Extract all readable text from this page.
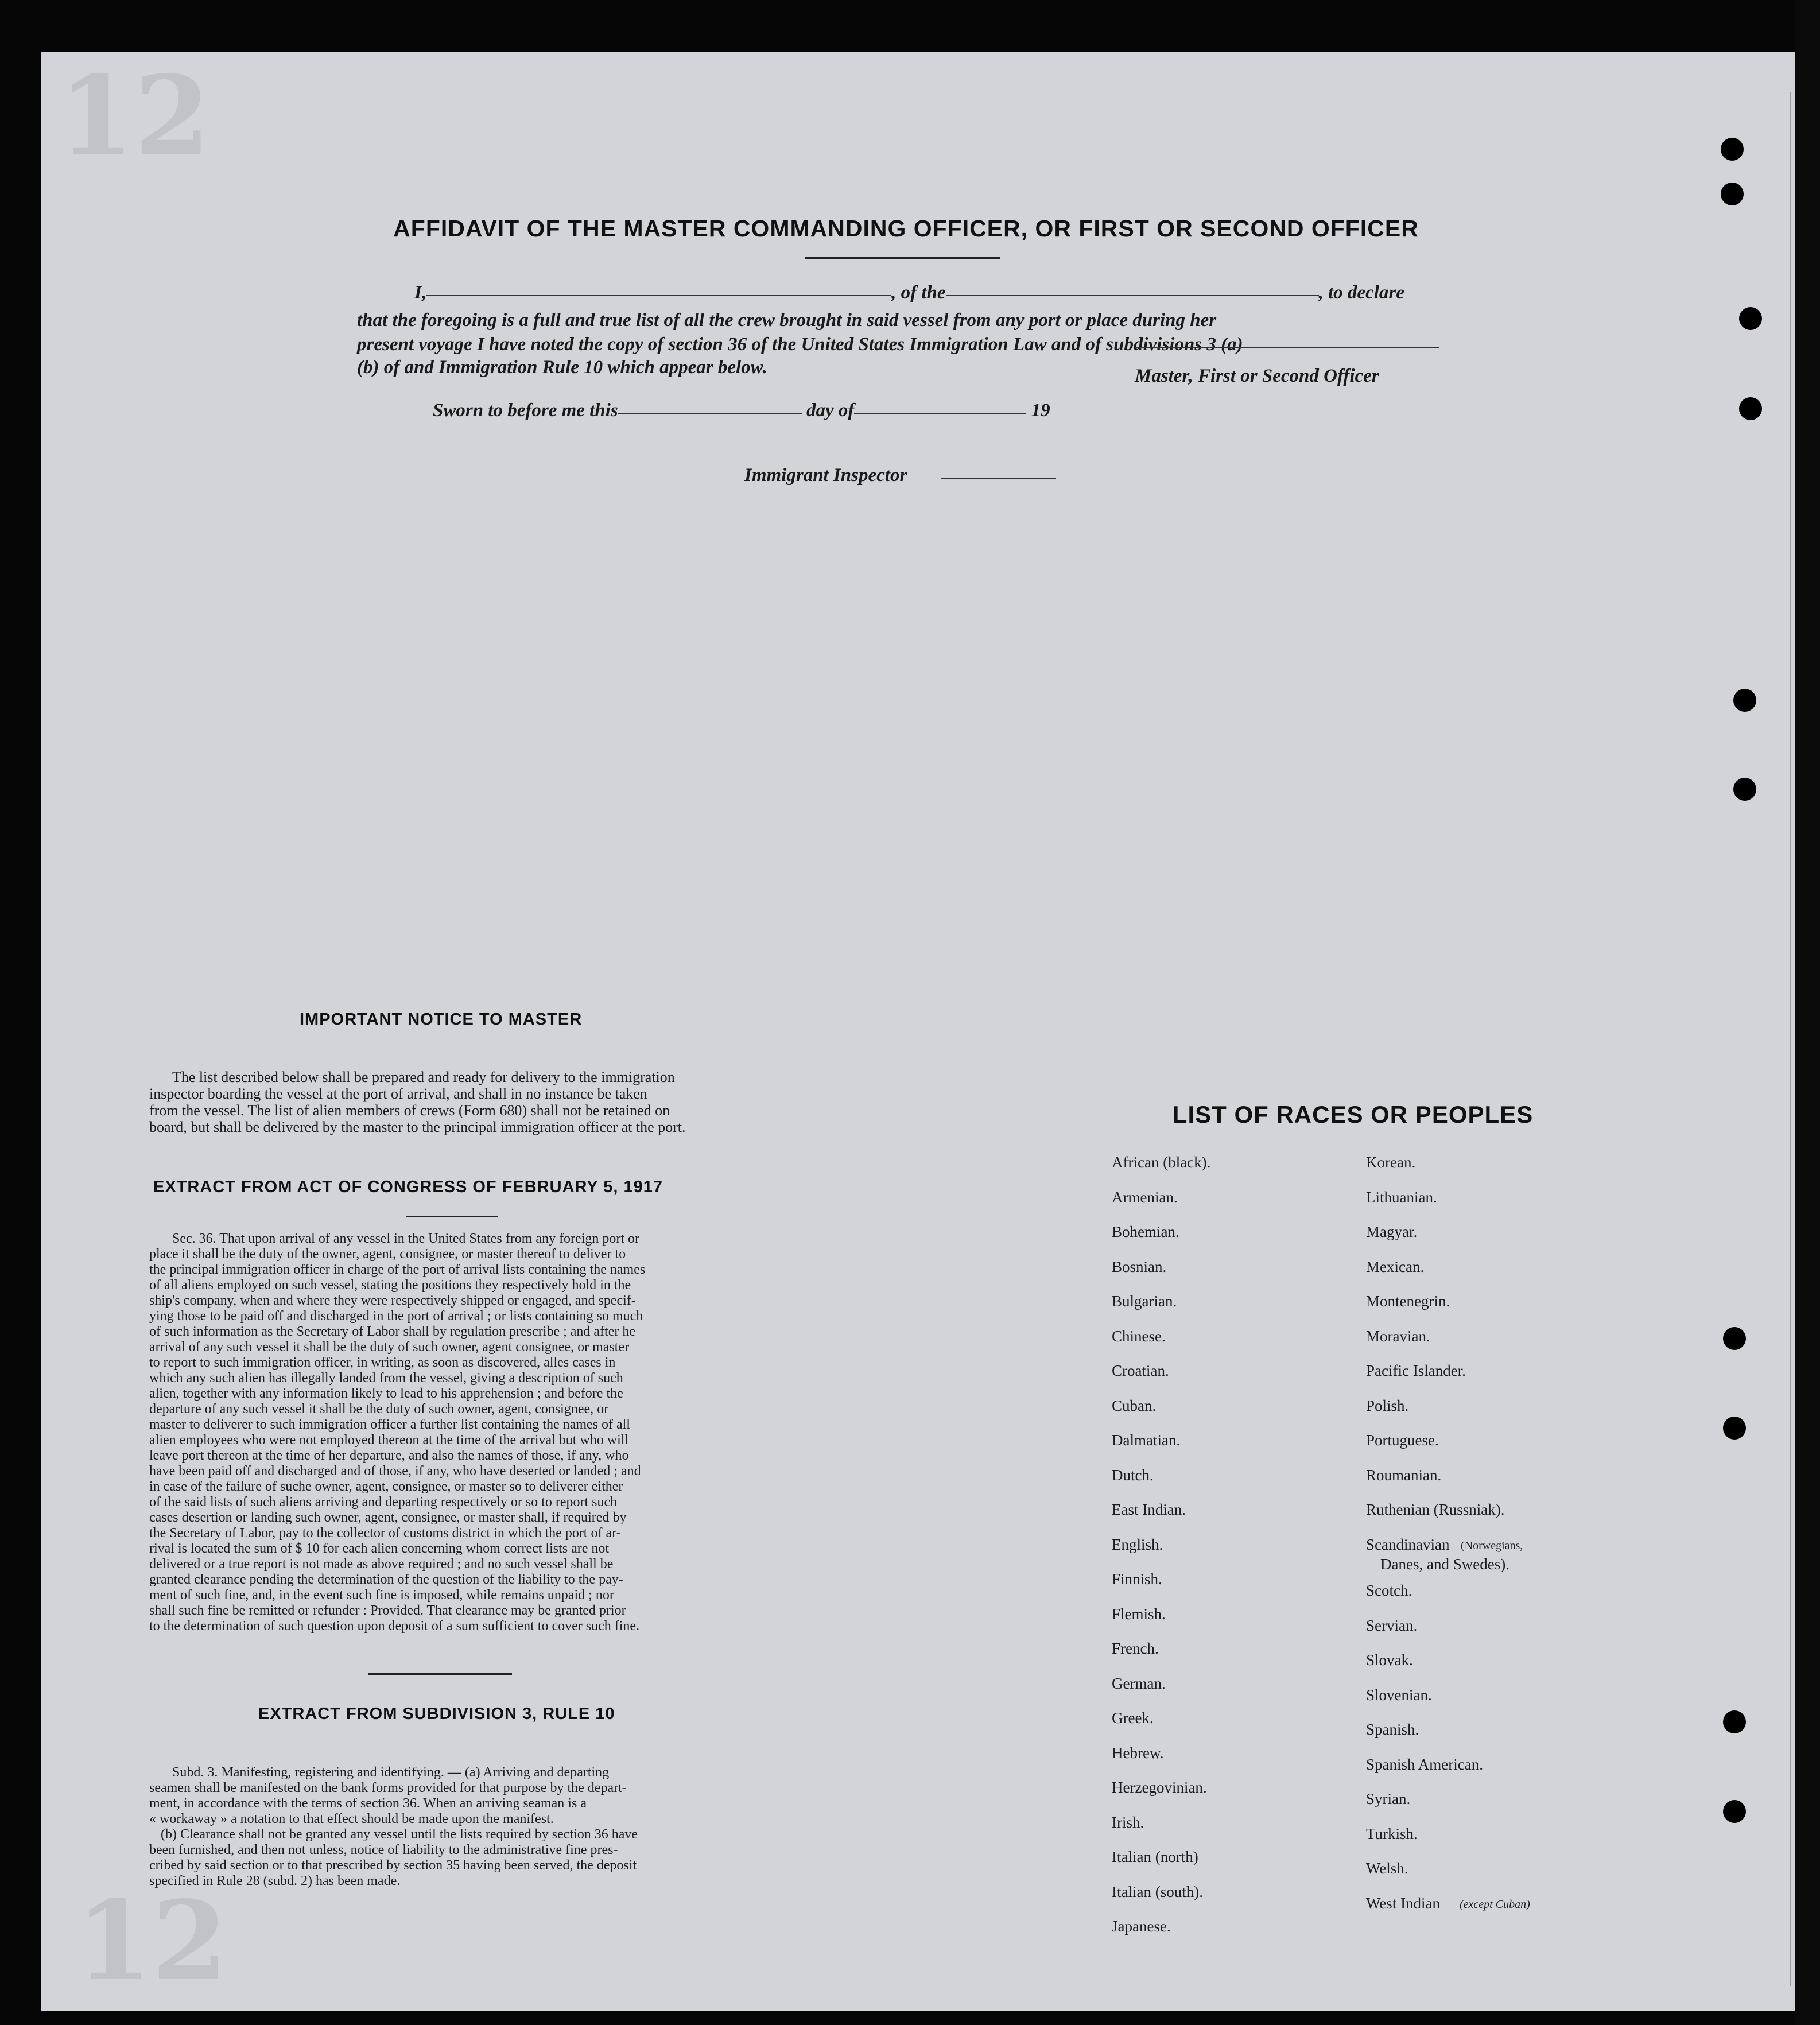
12
12

AFFIDAVIT OF THE MASTER COMMANDING OFFICER, OR FIRST OR SECOND OFFICER
I,	, of the	, to declare
that the foregoing is a full and true list of all the crew brought in said vessel from any port or place during her
present voyage I have noted the copy of section 36 of the United States Immigration Law and of subdivisions 3 (a)
(b) of and Immigration Rule 10 which appear below.	Master, First or Second Officer
Sworn to before me this	day of	19
Immigrant Inspector
IMPORTANT NOTICE TO MASTER
The list described below shall be prepared and ready for delivery to the immigration
inspector boarding the vessel at the port of arrival, and shall in no instance be taken
from the vessel. The list of alien members of crews (Form 680) shall not be retained on
board, but shall be delivered by the master to the principal immigration officer at the port.
EXTRACT FROM ACT OF CONGRESS OF FEBRUARY 5, 1917
Sec. 36. That upon arrival of any vessel in the United States from any foreign port or
place it shall be the duty of the owner, agent, consignee, or master thereof to deliver to
the principal immigration officer in charge of the port of arrival lists containing the names
of all aliens employed on such vessel, stating the positions they respectively hold in the
ship's company, when and where they were respectively shipped or engaged, and specif-
ying those to be paid off and discharged in the port of arrival ; or lists containing so much
of such information as the Secretary of Labor shall by regulation prescribe ; and after he
arrival of any such vessel it shall be the duty of such owner, agent consignee, or master
to report to such immigration officer, in writing, as soon as discovered, alles cases in
which any such alien has illegally landed from the vessel, giving a description of such
alien, together with any information likely to lead to his apprehension ; and before the
departure of any such vessel it shall be the duty of such owner, agent, consignee, or
master to deliverer to such immigration officer a further list containing the names of all
alien employees who were not employed thereon at the time of the arrival but who will
leave port thereon at the time of her departure, and also the names of those, if any, who
have been paid off and discharged and of those, if any, who have deserted or landed ; and
in case of the failure of suche owner, agent, consignee, or master so to deliverer either
of the said lists of such aliens arriving and departing respectively or so to report such
cases desertion or landing such owner, agent, consignee, or master shall, if required by
the Secretary of Labor, pay to the collector of customs district in which the port of ar-
rival is located the sum of $ 10 for each alien concerning whom correct lists are not
delivered or a true report is not made as above required ; and no such vessel shall be
granted clearance pending the determination of the question of the liability to the pay-
ment of such fine, and, in the event such fine is imposed, while remains unpaid ; nor
shall such fine be remitted or refunder : Provided. That clearance may be granted prior
to the determination of such question upon deposit of a sum sufficient to cover such fine.
EXTRACT FROM SUBDIVISION 3, RULE 10
Subd. 3. Manifesting, registering and identifying. — (a) Arriving and departing
seamen shall be manifested on the bank forms provided for that purpose by the depart-
ment, in accordance with the terms of section 36. When an arriving seaman is a
« workaway » a notation to that effect should be made upon the manifest.
(b) Clearance shall not be granted any vessel until the lists required by section 36 have
been furnished, and then not unless, notice of liability to the administrative fine pres-
cribed by said section or to that prescribed by section 35 having been served, the deposit
specified in Rule 28 (subd. 2) has been made.
LIST OF RACES OR PEOPLES
African (black).
Armenian.
Bohemian.
Bosnian.
Bulgarian.
Chinese.
Croatian.
Cuban.
Dalmatian.
Dutch.
East Indian.
English.
Finnish.
Flemish.
French.
German.
Greek.
Hebrew.
Herzegovinian.
Irish.
Italian (north)
Italian (south).
Japanese.
Korean.
Lithuanian.
Magyar.
Mexican.
Montenegrin.
Moravian.
Pacific Islander.
Polish.
Portuguese.
Roumanian.
Ruthenian (Russniak).
Scandinavian (Norwegians,
Danes, and Swedes).
Scotch.
Servian.
Slovak.
Slovenian.
Spanish.
Spanish American.
Syrian.
Turkish.
Welsh.
West Indian (except Cuban)
